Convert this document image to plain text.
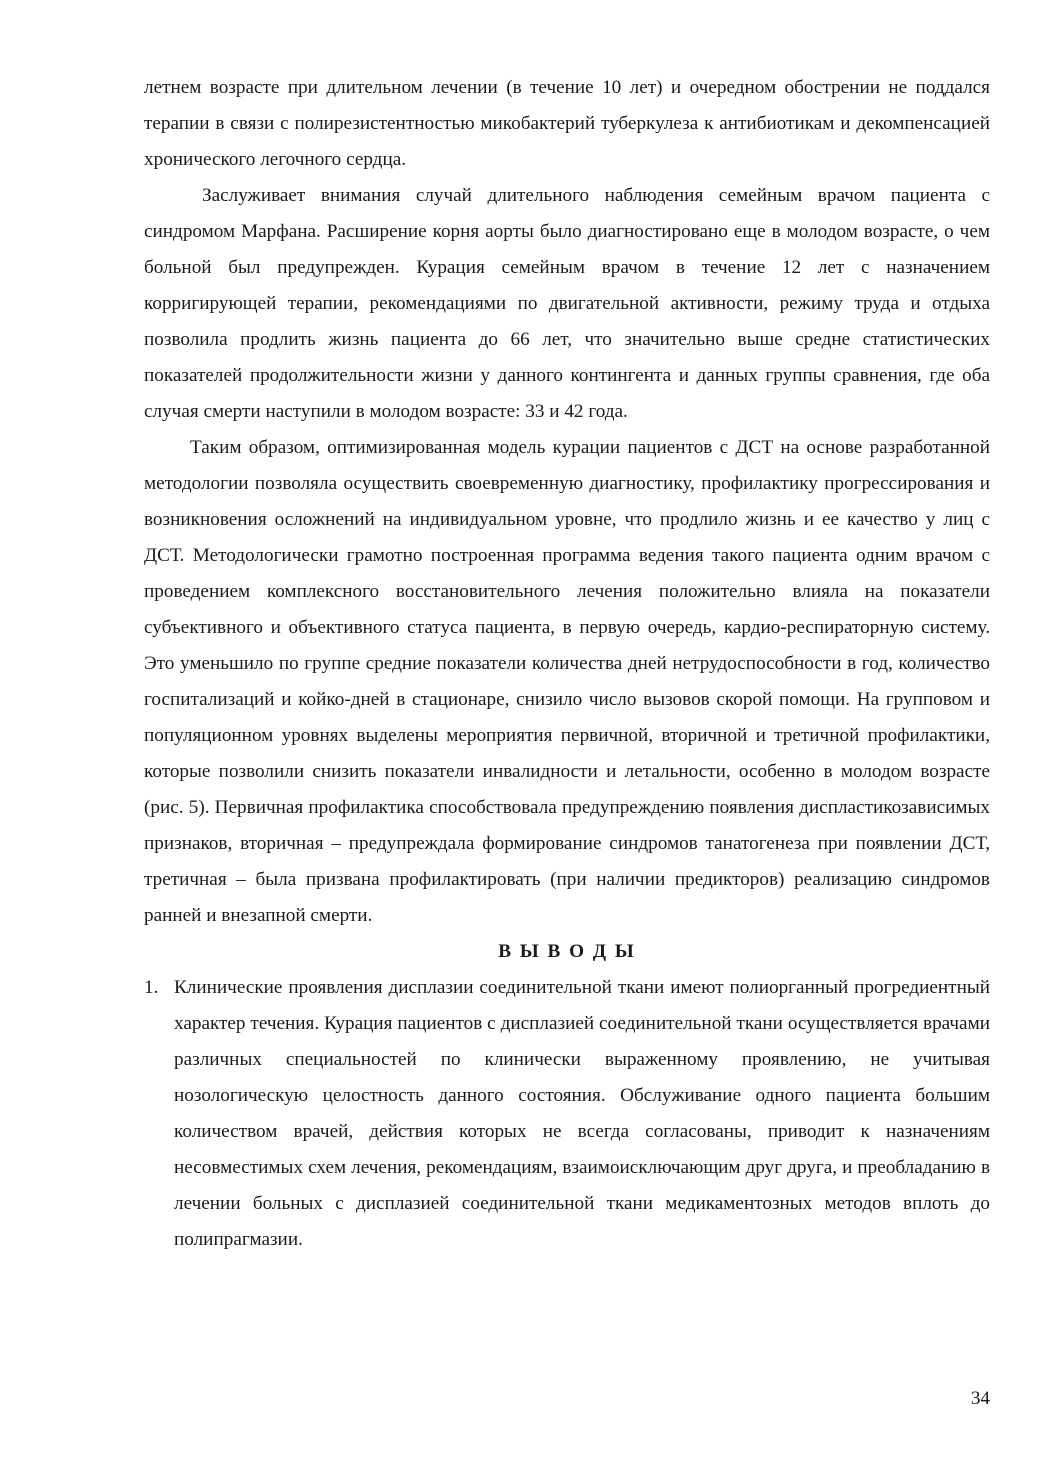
летнем возрасте при длительном лечении (в течение 10 лет) и очередном обострении не поддался терапии в связи с полирезистентностью микобактерий туберкулеза к антибиотикам и декомпенсацией хронического легочного сердца.

Заслуживает внимания случай длительного наблюдения семейным врачом пациента с синдромом Марфана. Расширение корня аорты было диагностировано еще в молодом возрасте, о чем больной был предупрежден. Курация семейным врачом в течение 12 лет с назначением корригирующей терапии, рекомендациями по двигательной активности, режиму труда и отдыха позволила продлить жизнь пациента до 66 лет, что значительно выше средне статистических показателей продолжительности жизни у данного контингента и данных группы сравнения, где оба случая смерти наступили в молодом возрасте: 33 и 42 года.

Таким образом, оптимизированная модель курации пациентов с ДСТ на основе разработанной методологии позволяла осуществить своевременную диагностику, профилактику прогрессирования и возникновения осложнений на индивидуальном уровне, что продлило жизнь и ее качество у лиц с ДСТ. Методологически грамотно построенная программа ведения такого пациента одним врачом с проведением комплексного восстановительного лечения положительно влияла на показатели субъективного и объективного статуса пациента, в первую очередь, кардио-респираторную систему. Это уменьшило по группе средние показатели количества дней нетрудоспособности в год, количество госпитализаций и койко-дней в стационаре, снизило число вызовов скорой помощи. На групповом и популяционном уровнях выделены мероприятия первичной, вторичной и третичной профилактики, которые позволили снизить показатели инвалидности и летальности, особенно в молодом возрасте (рис. 5). Первичная профилактика способствовала предупреждению появления диспластикозависимых признаков, вторичная – предупреждала формирование синдромов танатогенеза при появлении ДСТ, третичная – была призвана профилактировать (при наличии предикторов) реализацию синдромов ранней и внезапной смерти.

В Ы В О Д Ы
1. Клинические проявления дисплазии соединительной ткани имеют полиорганный прогредиентный характер течения. Курация пациентов с дисплазией соединительной ткани осуществляется врачами различных специальностей по клинически выраженному проявлению, не учитывая нозологическую целостность данного состояния. Обслуживание одного пациента большим количеством врачей, действия которых не всегда согласованы, приводит к назначениям несовместимых схем лечения, рекомендациям, взаимоисключающим друг друга, и преобладанию в лечении больных с дисплазией соединительной ткани медикаментозных методов вплоть до полипрагмазии.
34
